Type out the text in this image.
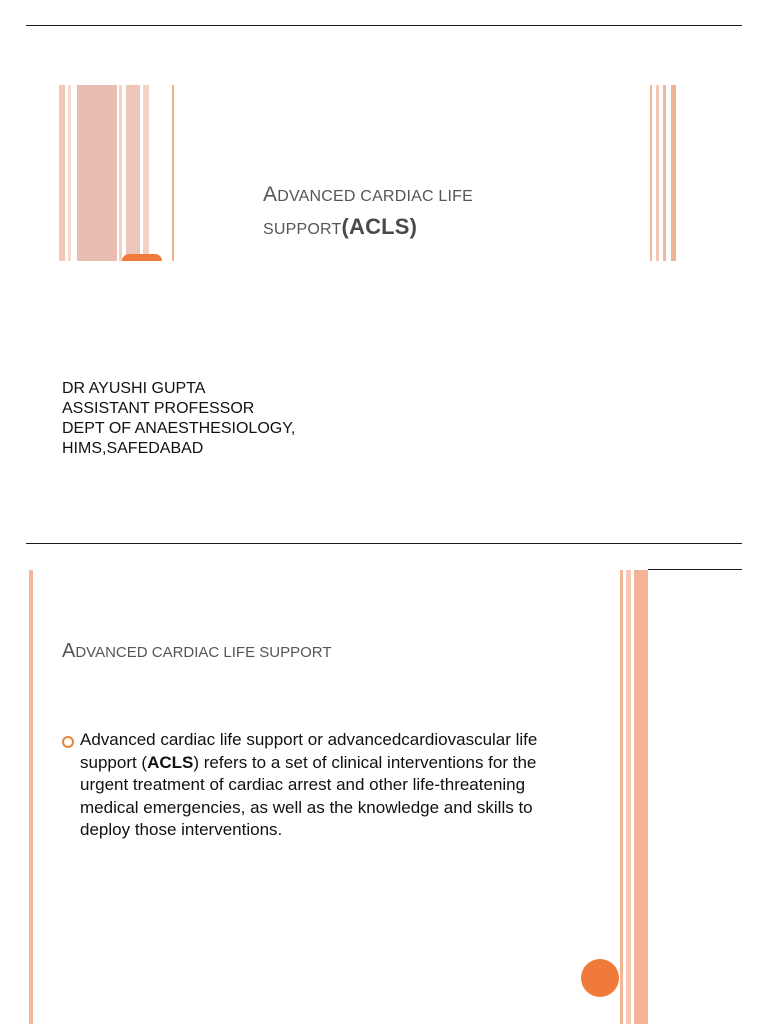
ADVANCED CARDIAC LIFE
SUPPORT(ACLS)
DR AYUSHI GUPTA
ASSISTANT PROFESSOR
DEPT OF ANAESTHESIOLOGY,
HIMS,SAFEDABAD
ADVANCED CARDIAC LIFE SUPPORT
Advanced cardiac life support or advancedcardiovascular life support (ACLS) refers to a set of clinical interventions for the urgent treatment of cardiac arrest and other life-threatening medical emergencies, as well as the knowledge and skills to deploy those interventions.
